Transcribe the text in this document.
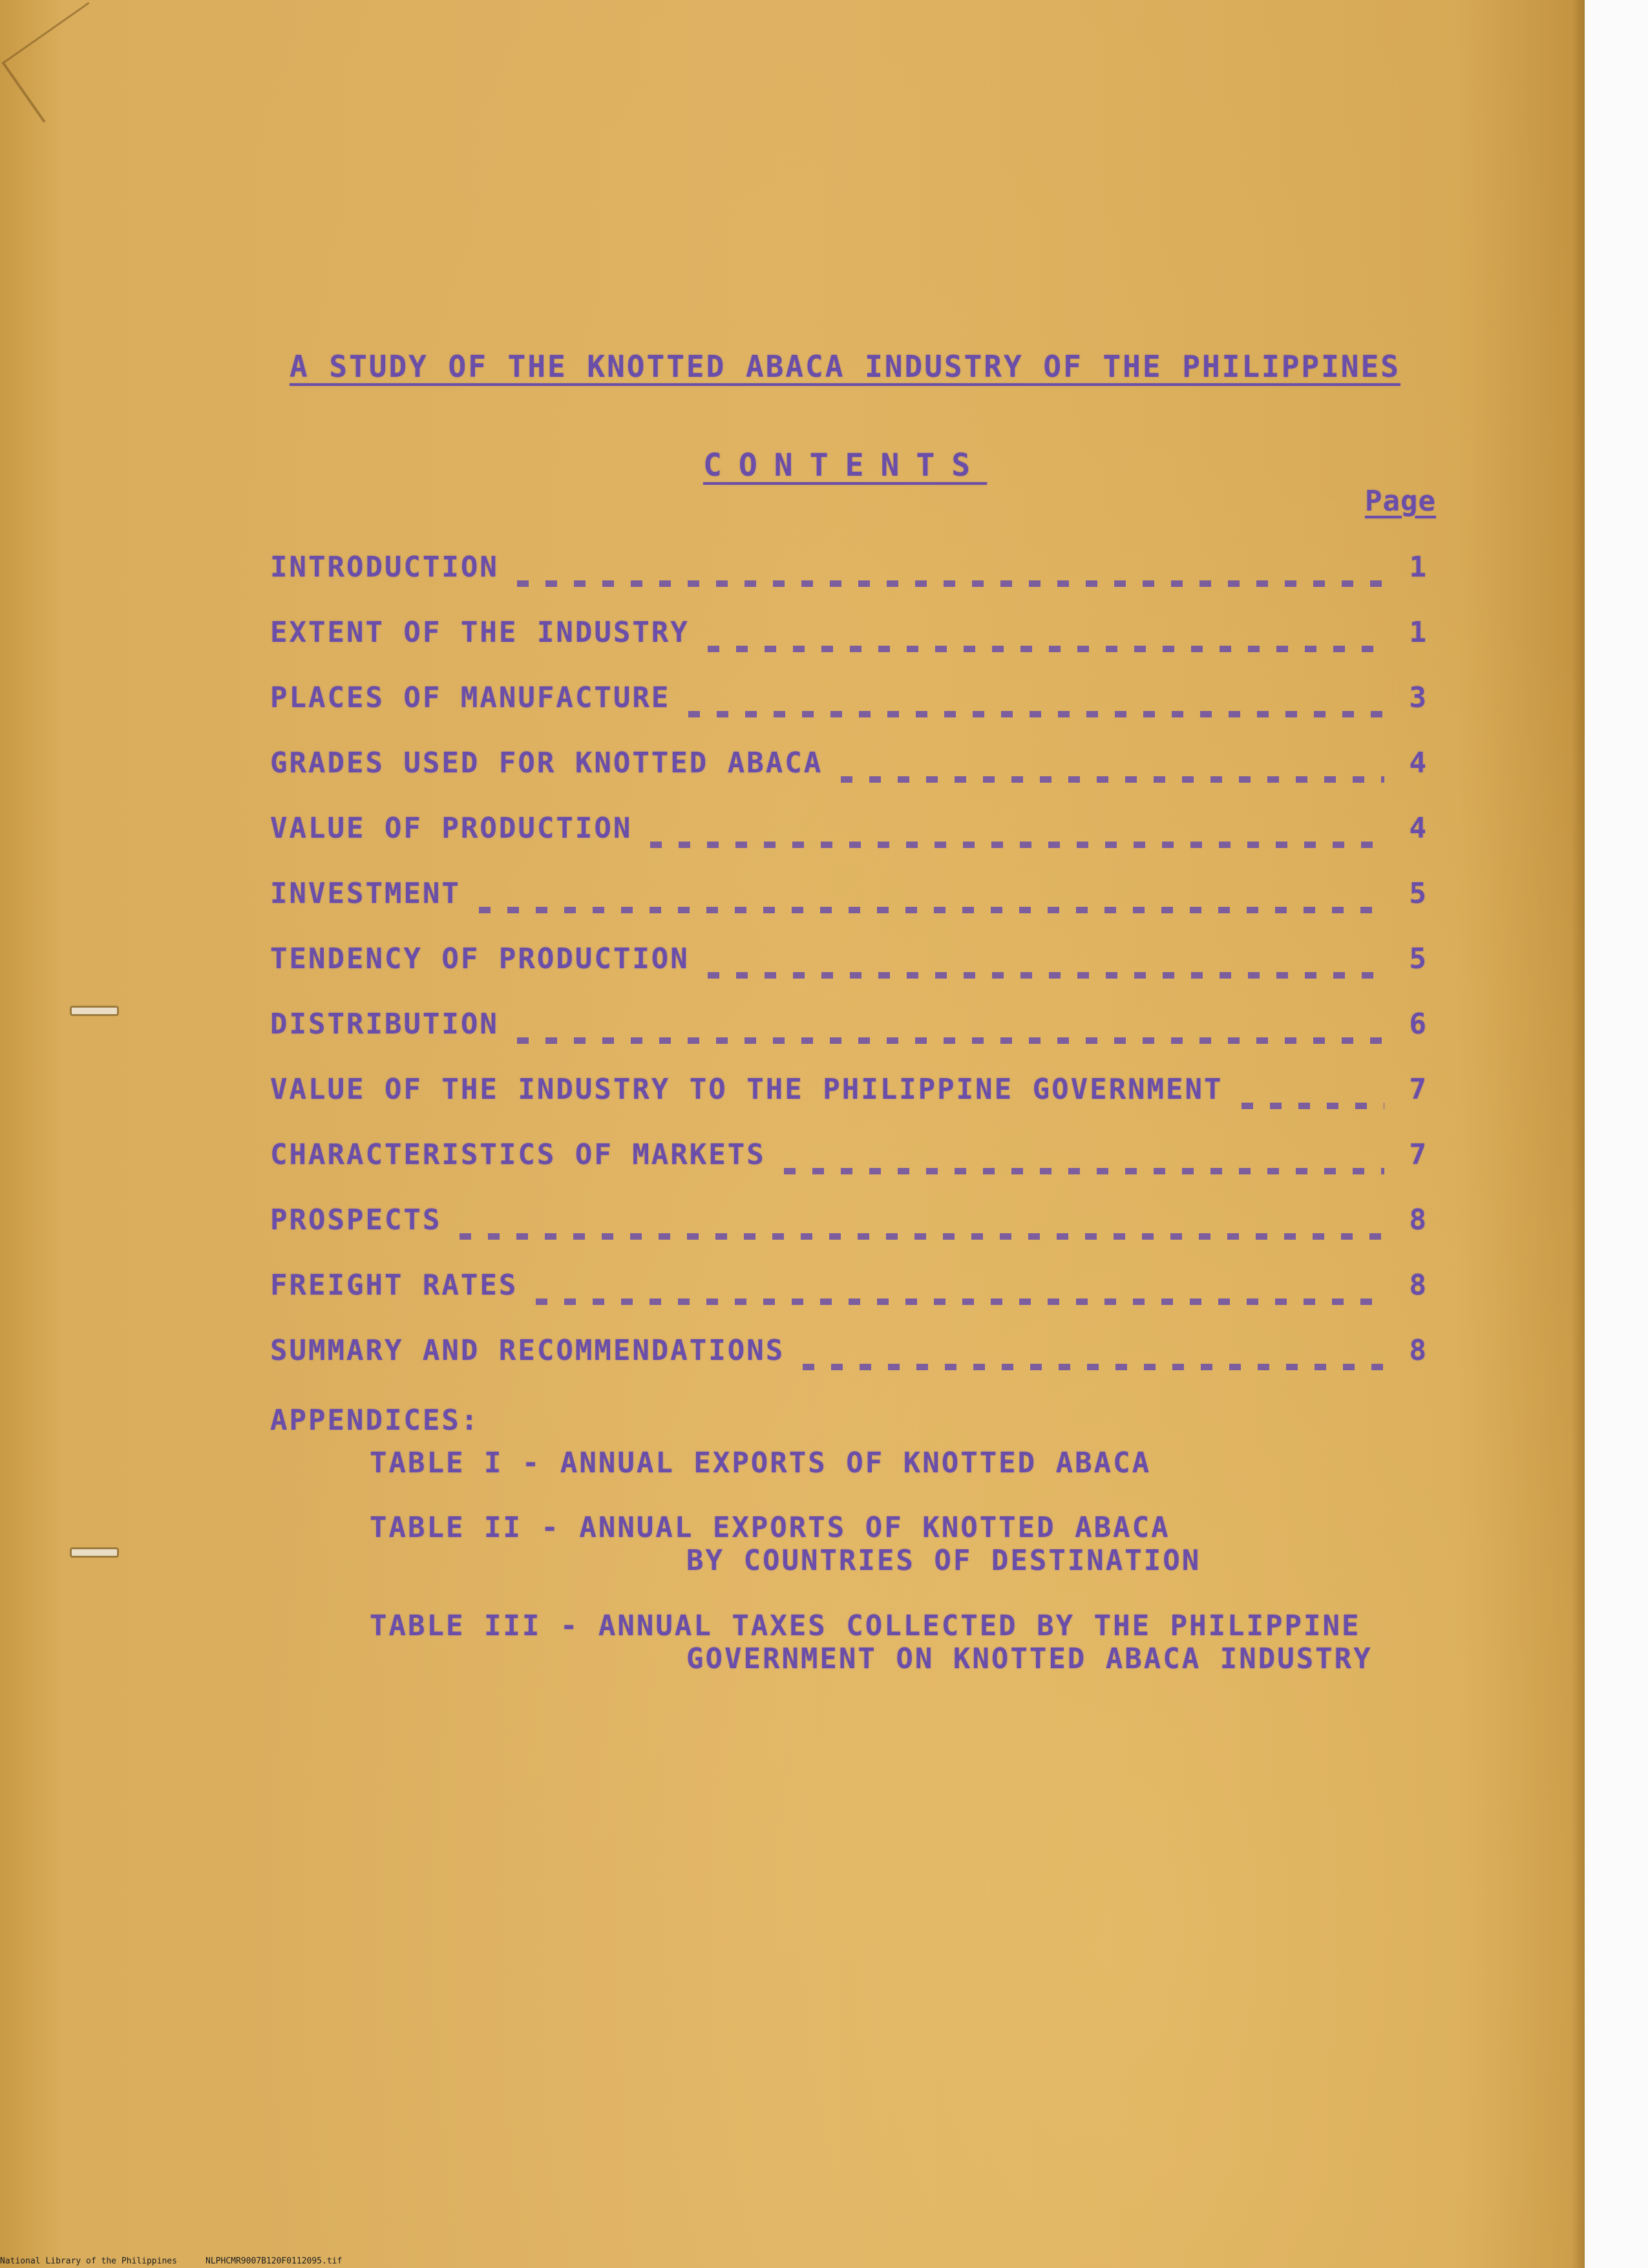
A STUDY OF THE KNOTTED ABACA INDUSTRY OF THE PHILIPPINES
CONTENTS
Page
INTRODUCTION	1
EXTENT OF THE INDUSTRY	1
PLACES OF MANUFACTURE	3
GRADES USED FOR KNOTTED ABACA	4
VALUE OF PRODUCTION	4
INVESTMENT	5
TENDENCY OF PRODUCTION	5
DISTRIBUTION	6
VALUE OF THE INDUSTRY TO THE PHILIPPINE GOVERNMENT	7
CHARACTERISTICS OF MARKETS	7
PROSPECTS	8
FREIGHT RATES	8
SUMMARY AND RECOMMENDATIONS	8
APPENDICES:
TABLE I - ANNUAL EXPORTS OF KNOTTED ABACA
TABLE II - ANNUAL EXPORTS OF KNOTTED ABACA
BY COUNTRIES OF DESTINATION
TABLE III - ANNUAL TAXES COLLECTED BY THE PHILIPPINE
GOVERNMENT ON KNOTTED ABACA INDUSTRY
National Library of the Philippines	NLPHCMR9007B120F0112095.tif
